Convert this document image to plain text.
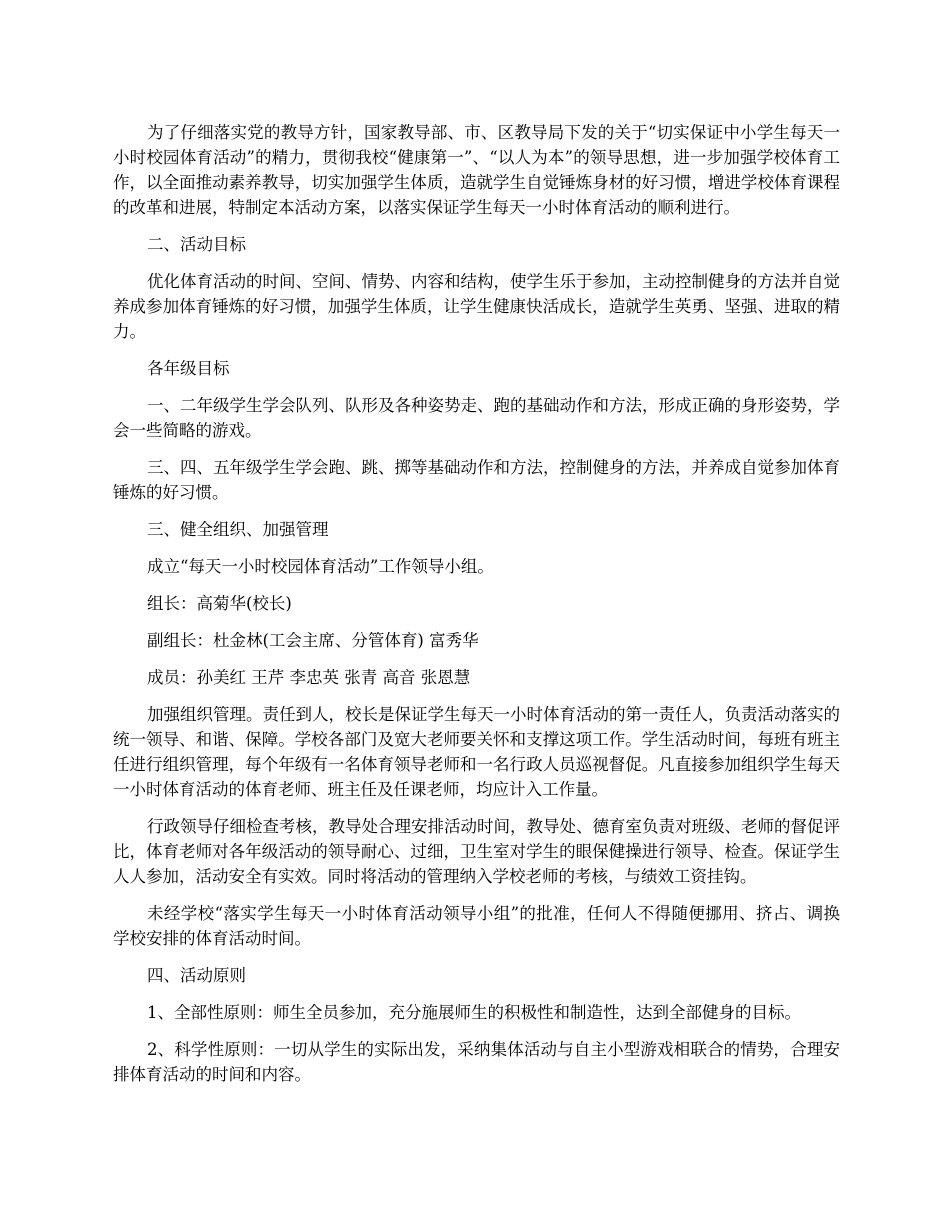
为了仔细落实党的教导方针，国家教导部、市、区教导局下发的关于“切实保证中小学生每天一小时校园体育活动”的精力，贯彻我校“健康第一”、“以人为本”的领导思想，进一步加强学校体育工作，以全面推动素养教导，切实加强学生体质，造就学生自觉锤炼身材的好习惯，增进学校体育课程的改革和进展，特制定本活动方案，以落实保证学生每天一小时体育活动的顺利进行。

二、活动目标

优化体育活动的时间、空间、情势、内容和结构，使学生乐于参加，主动控制健身的方法并自觉养成参加体育锤炼的好习惯，加强学生体质，让学生健康快活成长，造就学生英勇、坚强、进取的精力。

各年级目标

一、二年级学生学会队列、队形及各种姿势走、跑的基础动作和方法，形成正确的身形姿势，学会一些简略的游戏。

三、四、五年级学生学会跑、跳、掷等基础动作和方法，控制健身的方法，并养成自觉参加体育锤炼的好习惯。

三、健全组织、加强管理

成立“每天一小时校园体育活动”工作领导小组。

组长：高菊华(校长)

副组长：杜金林(工会主席、分管体育) 富秀华

成员：孙美红 王芹 李忠英 张青 高音 张恩慧

加强组织管理。责任到人，校长是保证学生每天一小时体育活动的第一责任人，负责活动落实的统一领导、和谐、保障。学校各部门及宽大老师要关怀和支撑这项工作。学生活动时间，每班有班主任进行组织管理，每个年级有一名体育领导老师和一名行政人员巡视督促。凡直接参加组织学生每天一小时体育活动的体育老师、班主任及任课老师，均应计入工作量。

行政领导仔细检查考核，教导处合理安排活动时间，教导处、德育室负责对班级、老师的督促评比，体育老师对各年级活动的领导耐心、过细，卫生室对学生的眼保健操进行领导、检查。保证学生人人参加，活动安全有实效。同时将活动的管理纳入学校老师的考核，与绩效工资挂钩。

未经学校“落实学生每天一小时体育活动领导小组”的批准，任何人不得随便挪用、挤占、调换学校安排的体育活动时间。

四、活动原则

1、全部性原则：师生全员参加，充分施展师生的积极性和制造性，达到全部健身的目标。

2、科学性原则：一切从学生的实际出发，采纳集体活动与自主小型游戏相联合的情势，合理安排体育活动的时间和内容。
